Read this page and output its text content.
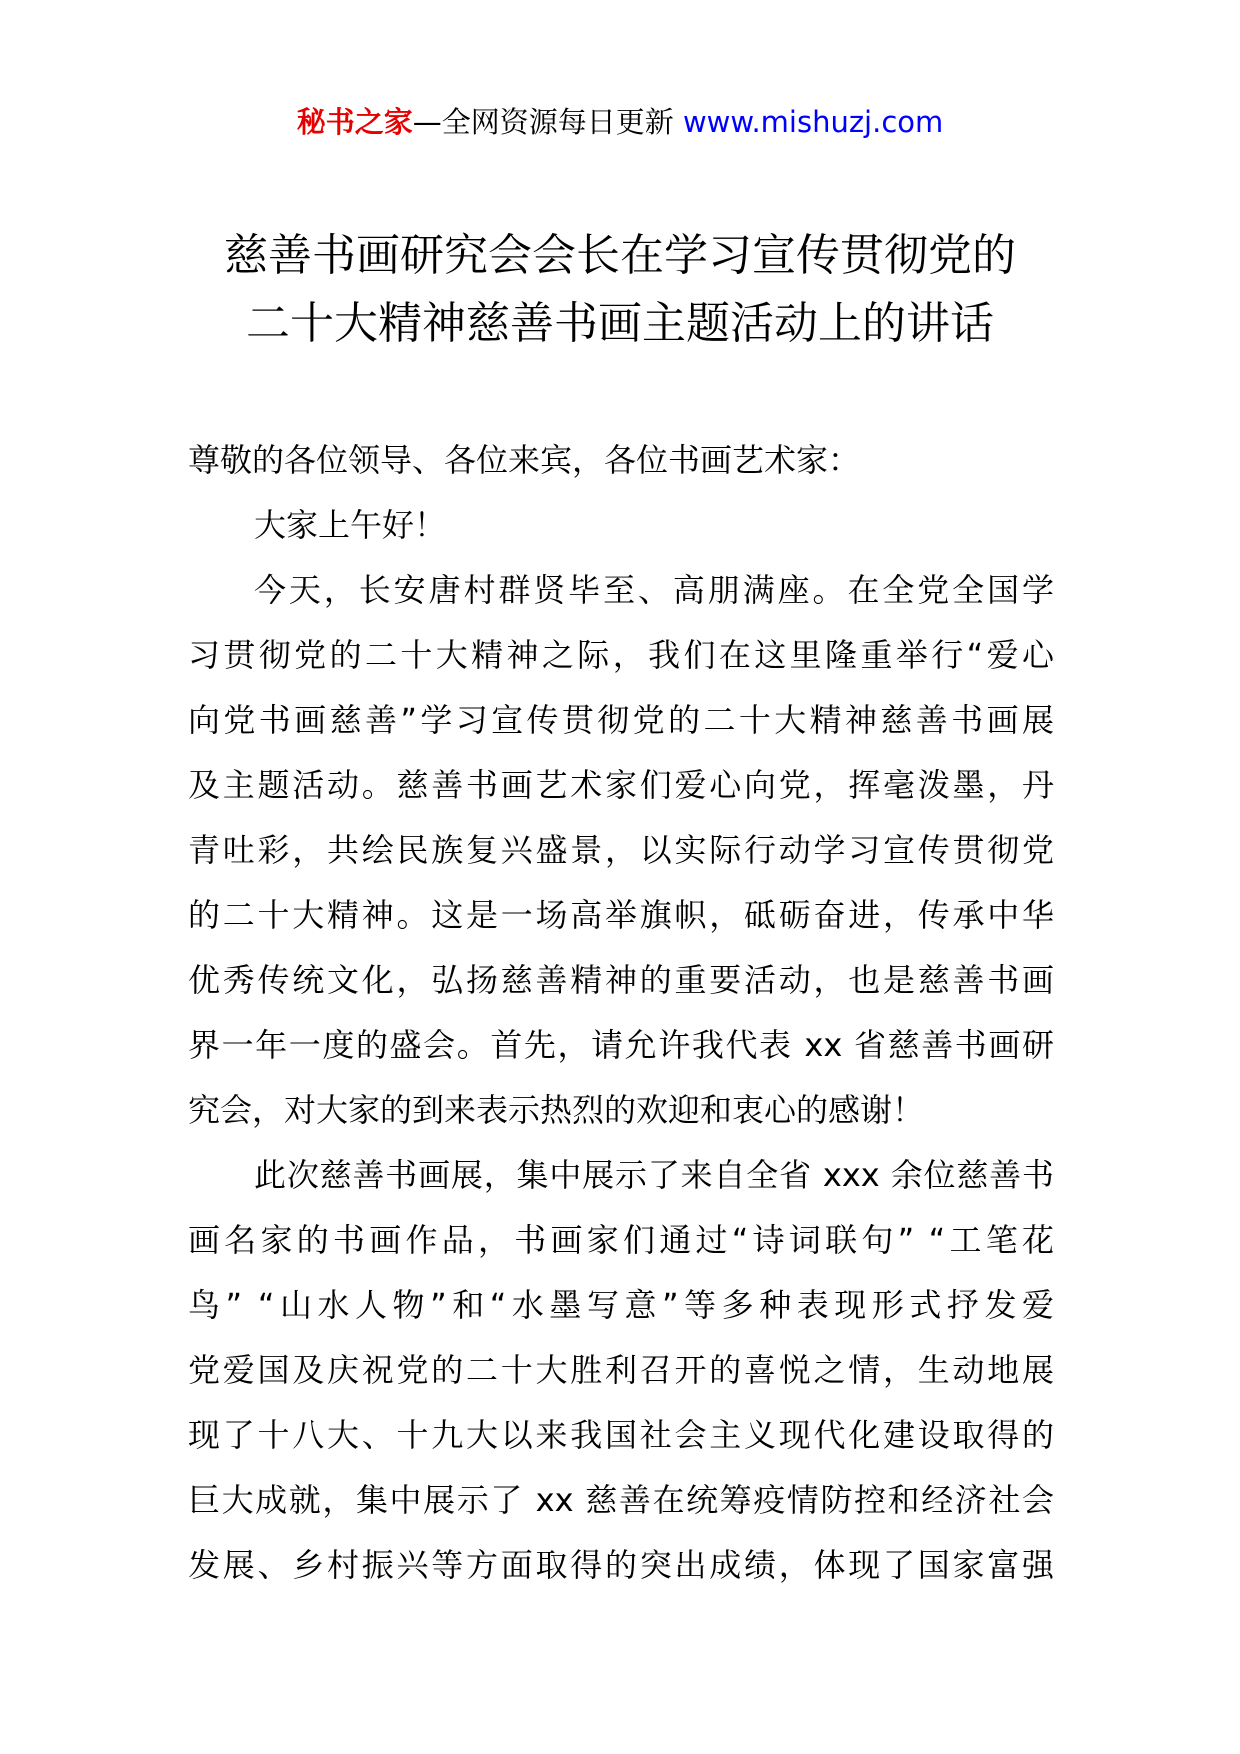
秘书之家—全网资源每日更新 www.mishuzj.com
慈善书画研究会会长在学习宣传贯彻党的
二十大精神慈善书画主题活动上的讲话
尊敬的各位领导、各位来宾，各位书画艺术家：
大家上午好！
今天，长安唐村群贤毕至、高朋满座。在全党全国学
习贯彻党的二十大精神之际，我们在这里隆重举行“爱心
向党书画慈善”学习宣传贯彻党的二十大精神慈善书画展
及主题活动。慈善书画艺术家们爱心向党，挥毫泼墨，丹
青吐彩，共绘民族复兴盛景，以实际行动学习宣传贯彻党
的二十大精神。这是一场高举旗帜，砥砺奋进，传承中华
优秀传统文化，弘扬慈善精神的重要活动，也是慈善书画
界一年一度的盛会。首先，请允许我代表 xx 省慈善书画研
究会，对大家的到来表示热烈的欢迎和衷心的感谢！
此次慈善书画展，集中展示了来自全省 xxx 余位慈善书
画名家的书画作品，书画家们通过“诗词联句” “工笔花
鸟” “山水人物”和“水墨写意”等多种表现形式抒发爱
党爱国及庆祝党的二十大胜利召开的喜悦之情，生动地展
现了十八大、十九大以来我国社会主义现代化建设取得的
巨大成就，集中展示了 xx 慈善在统筹疫情防控和经济社会
发展、乡村振兴等方面取得的突出成绩，体现了国家富强
